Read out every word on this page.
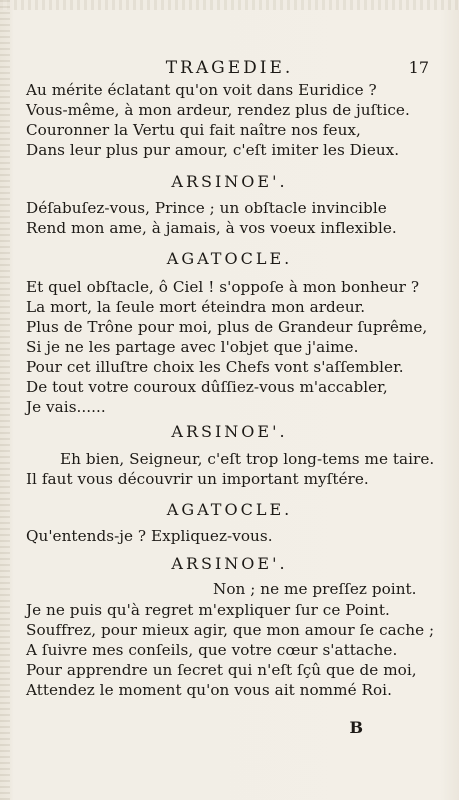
TRAGEDIE.	17
Au mérite éclatant qu'on voit dans Euridice ?
Vous-même, à mon ardeur, rendez plus de juſtice.
Couronner la Vertu qui fait naître nos feux,
Dans leur plus pur amour, c'eſt imiter les Dieux.
ARSINOE'.
Déſabuſez-vous, Prince ; un obſtacle invincible
Rend mon ame, à jamais, à vos voeux inflexible.
AGATOCLE.
Et quel obſtacle, ô Ciel ! s'oppoſe à mon bonheur ?
La mort, la ſeule mort éteindra mon ardeur.
Plus de Trône pour moi, plus de Grandeur ſuprême,
Si je ne les partage avec l'objet que j'aime.
Pour cet illuſtre choix les Chefs vont s'aſſembler.
De tout votre couroux dûſſiez-vous m'accabler,
Je vais......
ARSINOE'.
Eh bien, Seigneur, c'eſt trop long-tems me taire.
Il faut vous découvrir un important myſtére.
AGATOCLE.
Qu'entends-je ? Expliquez-vous.
ARSINOE'.
Non ; ne me preſſez point.
Je ne puis qu'à regret m'expliquer ſur ce Point.
Souffrez, pour mieux agir, que mon amour ſe cache ;
A ſuivre mes conſeils, que votre cœur s'attache.
Pour apprendre un ſecret qui n'eſt ſçû que de moi,
Attendez le moment qu'on vous ait nommé Roi.
B
